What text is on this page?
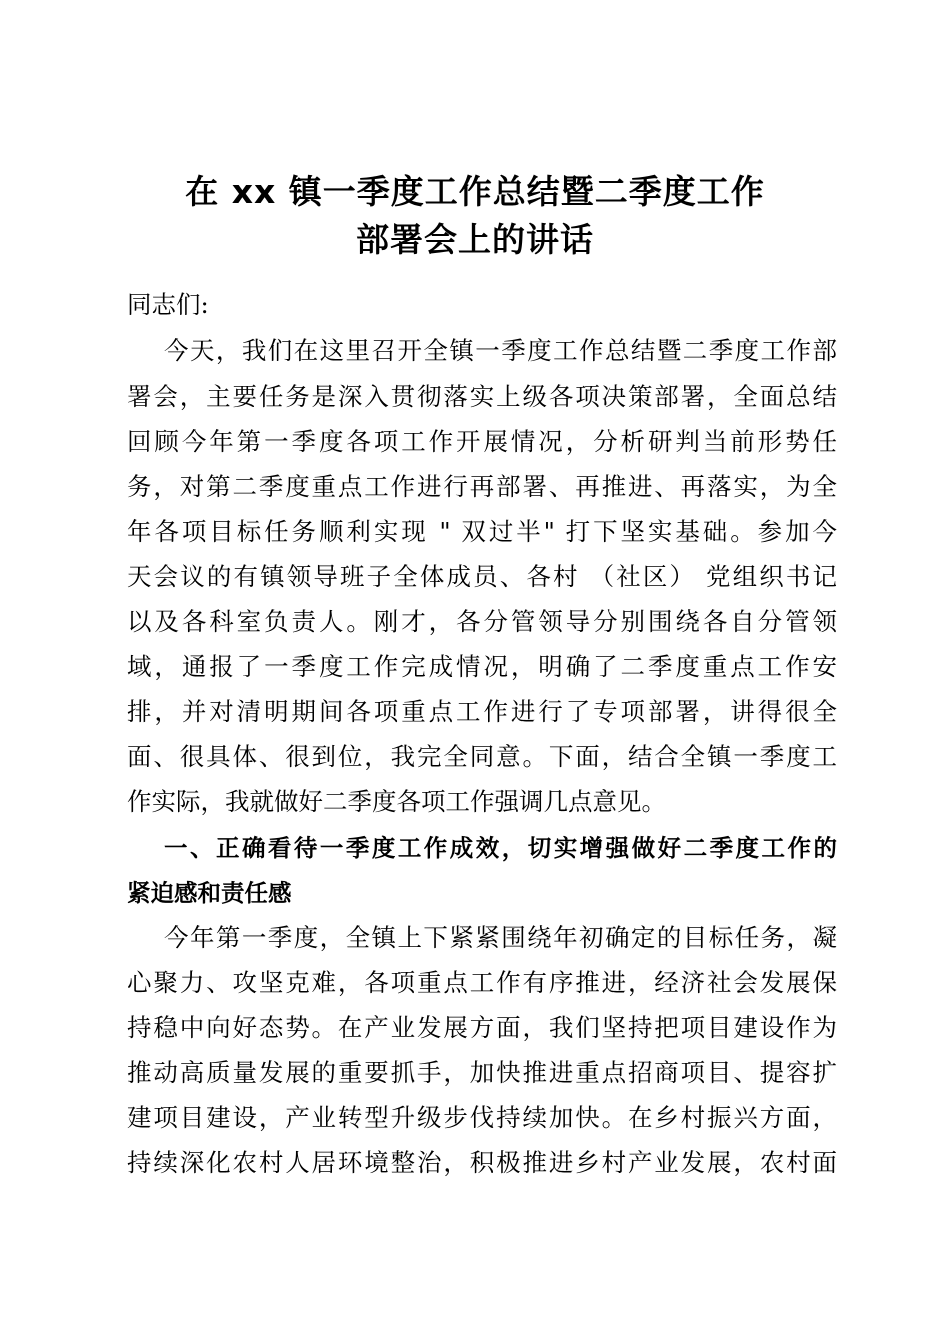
在 xx 镇一季度工作总结暨二季度工作
部署会上的讲话
同志们:
今天，我们在这里召开全镇一季度工作总结暨二季度工作部
署会，主要任务是深入贯彻落实上级各项决策部署，全面总结
回顾今年第一季度各项工作开展情况，分析研判当前形势任
务，对第二季度重点工作进行再部署、再推进、再落实，为全
年各项目标任务顺利实现 " 双过半" 打下坚实基础。参加今
天会议的有镇领导班子全体成员、各村 （社区） 党组织书记
以及各科室负责人。刚才，各分管领导分别围绕各自分管领
域，通报了一季度工作完成情况，明确了二季度重点工作安
排，并对清明期间各项重点工作进行了专项部署，讲得很全
面、很具体、很到位，我完全同意。下面，结合全镇一季度工
作实际，我就做好二季度各项工作强调几点意见。
一、正确看待一季度工作成效，切实增强做好二季度工作的
紧迫感和责任感
今年第一季度，全镇上下紧紧围绕年初确定的目标任务，凝
心聚力、攻坚克难，各项重点工作有序推进，经济社会发展保
持稳中向好态势。在产业发展方面，我们坚持把项目建设作为
推动高质量发展的重要抓手，加快推进重点招商项目、提容扩
建项目建设，产业转型升级步伐持续加快。在乡村振兴方面，
持续深化农村人居环境整治，积极推进乡村产业发展，农村面
